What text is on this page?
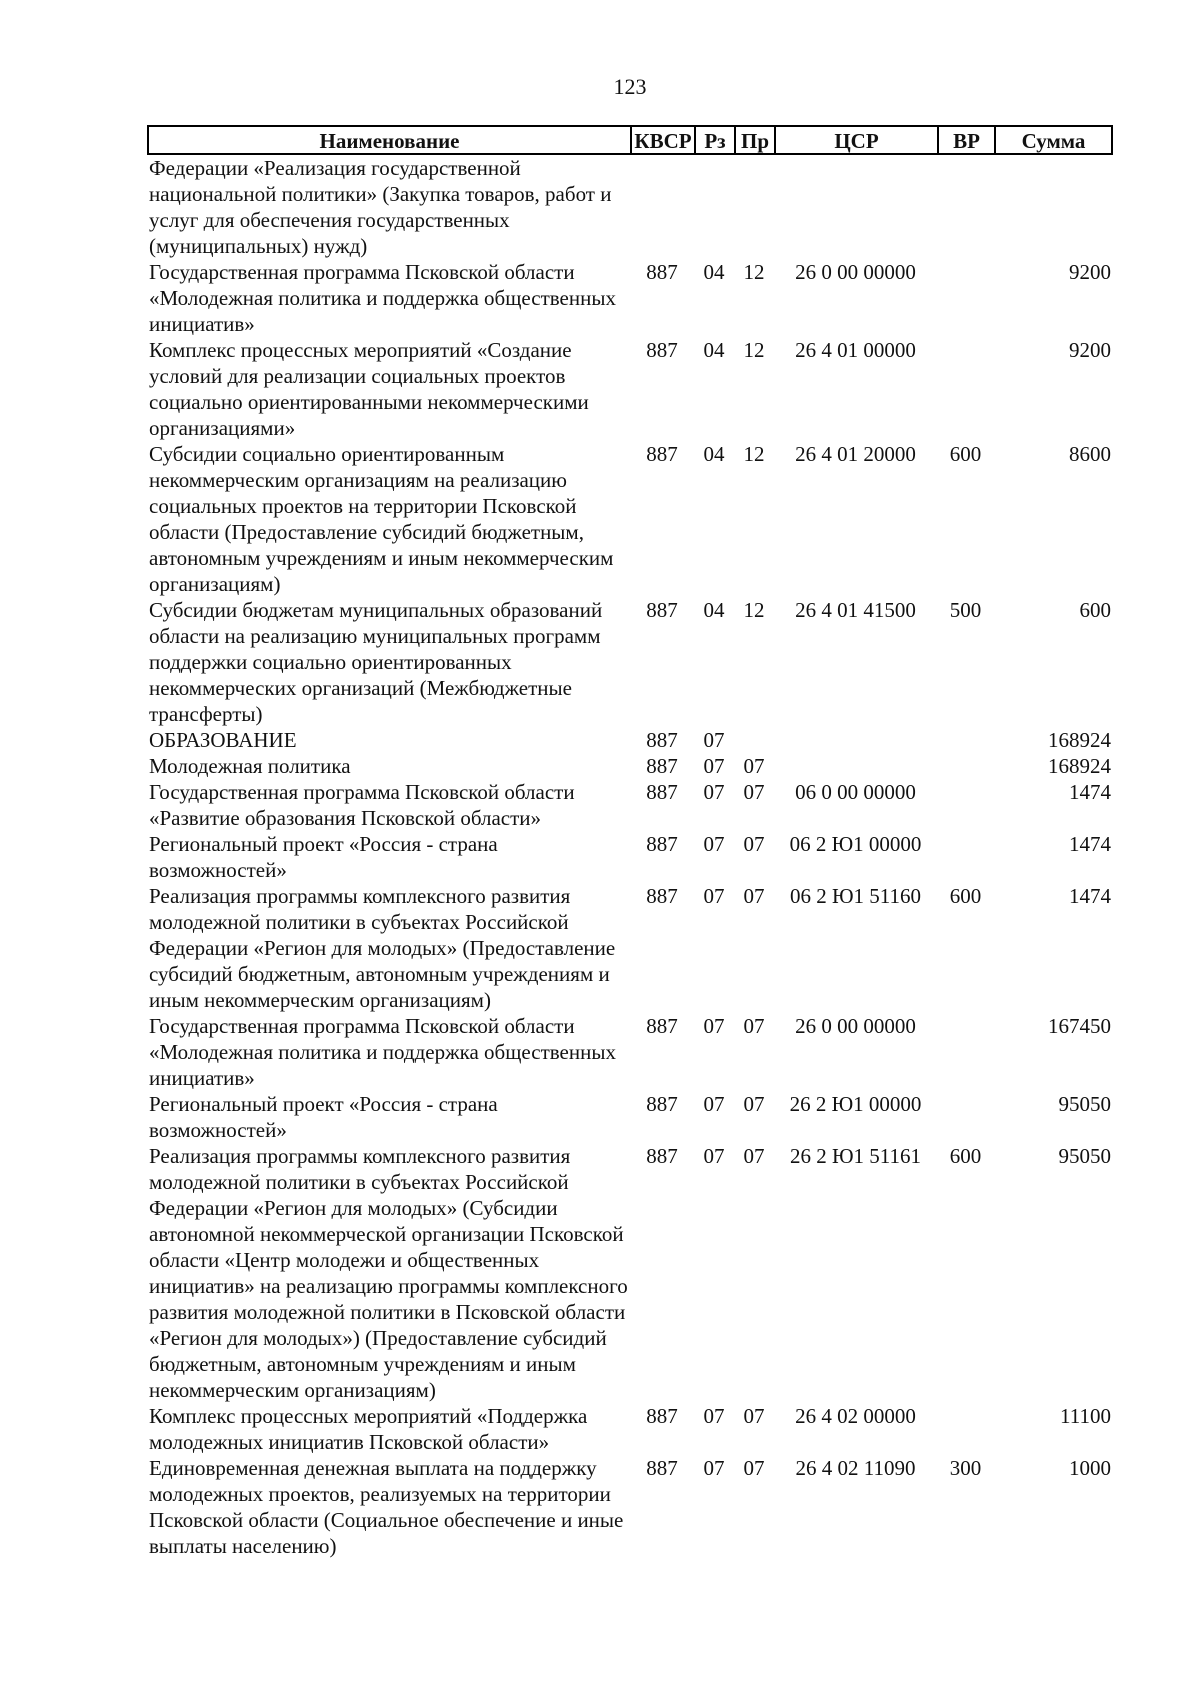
123
Наименование	КВСР	Рз	Пр	ЦСР	ВР	Сумма
Федерации «Реализация государственной национальной политики» (Закупка товаров, работ и услуг для обеспечения государственных (муниципальных) нужд)						
Государственная программа Псковской области «Молодежная политика и поддержка общественных инициатив»	887	04	12	26 0 00 00000		9200
Комплекс процессных мероприятий «Создание условий для реализации социальных проектов социально ориентированными некоммерческими организациями»	887	04	12	26 4 01 00000		9200
Субсидии социально ориентированным некоммерческим организациям на реализацию социальных проектов на территории Псковской области (Предоставление субсидий бюджетным, автономным учреждениям и иным некоммерческим организациям)	887	04	12	26 4 01 20000	600	8600
Субсидии бюджетам муниципальных образований области на реализацию муниципальных программ поддержки социально ориентированных некоммерческих организаций (Межбюджетные трансферты)	887	04	12	26 4 01 41500	500	600
ОБРАЗОВАНИЕ	887	07				168924
Молодежная политика	887	07	07			168924
Государственная программа Псковской области «Развитие образования Псковской области»	887	07	07	06 0 00 00000		1474
Региональный проект «Россия - страна возможностей»	887	07	07	06 2 Ю1 00000		1474
Реализация программы комплексного развития молодежной политики в субъектах Российской Федерации «Регион для молодых» (Предоставление субсидий бюджетным, автономным учреждениям и иным некоммерческим организациям)	887	07	07	06 2 Ю1 51160	600	1474
Государственная программа Псковской области «Молодежная политика и поддержка общественных инициатив»	887	07	07	26 0 00 00000		167450
Региональный проект «Россия - страна возможностей»	887	07	07	26 2 Ю1 00000		95050
Реализация программы комплексного развития молодежной политики в субъектах Российской Федерации «Регион для молодых» (Субсидии автономной некоммерческой организации Псковской области «Центр молодежи и общественных инициатив» на реализацию программы комплексного развития молодежной политики в Псковской области «Регион для молодых») (Предоставление субсидий бюджетным, автономным учреждениям и иным некоммерческим организациям)	887	07	07	26 2 Ю1 51161	600	95050
Комплекс процессных мероприятий «Поддержка молодежных инициатив Псковской области»	887	07	07	26 4 02 00000		11100
Единовременная денежная выплата на поддержку молодежных проектов, реализуемых на территории Псковской области (Социальное обеспечение и иные выплаты населению)	887	07	07	26 4 02 11090	300	1000
